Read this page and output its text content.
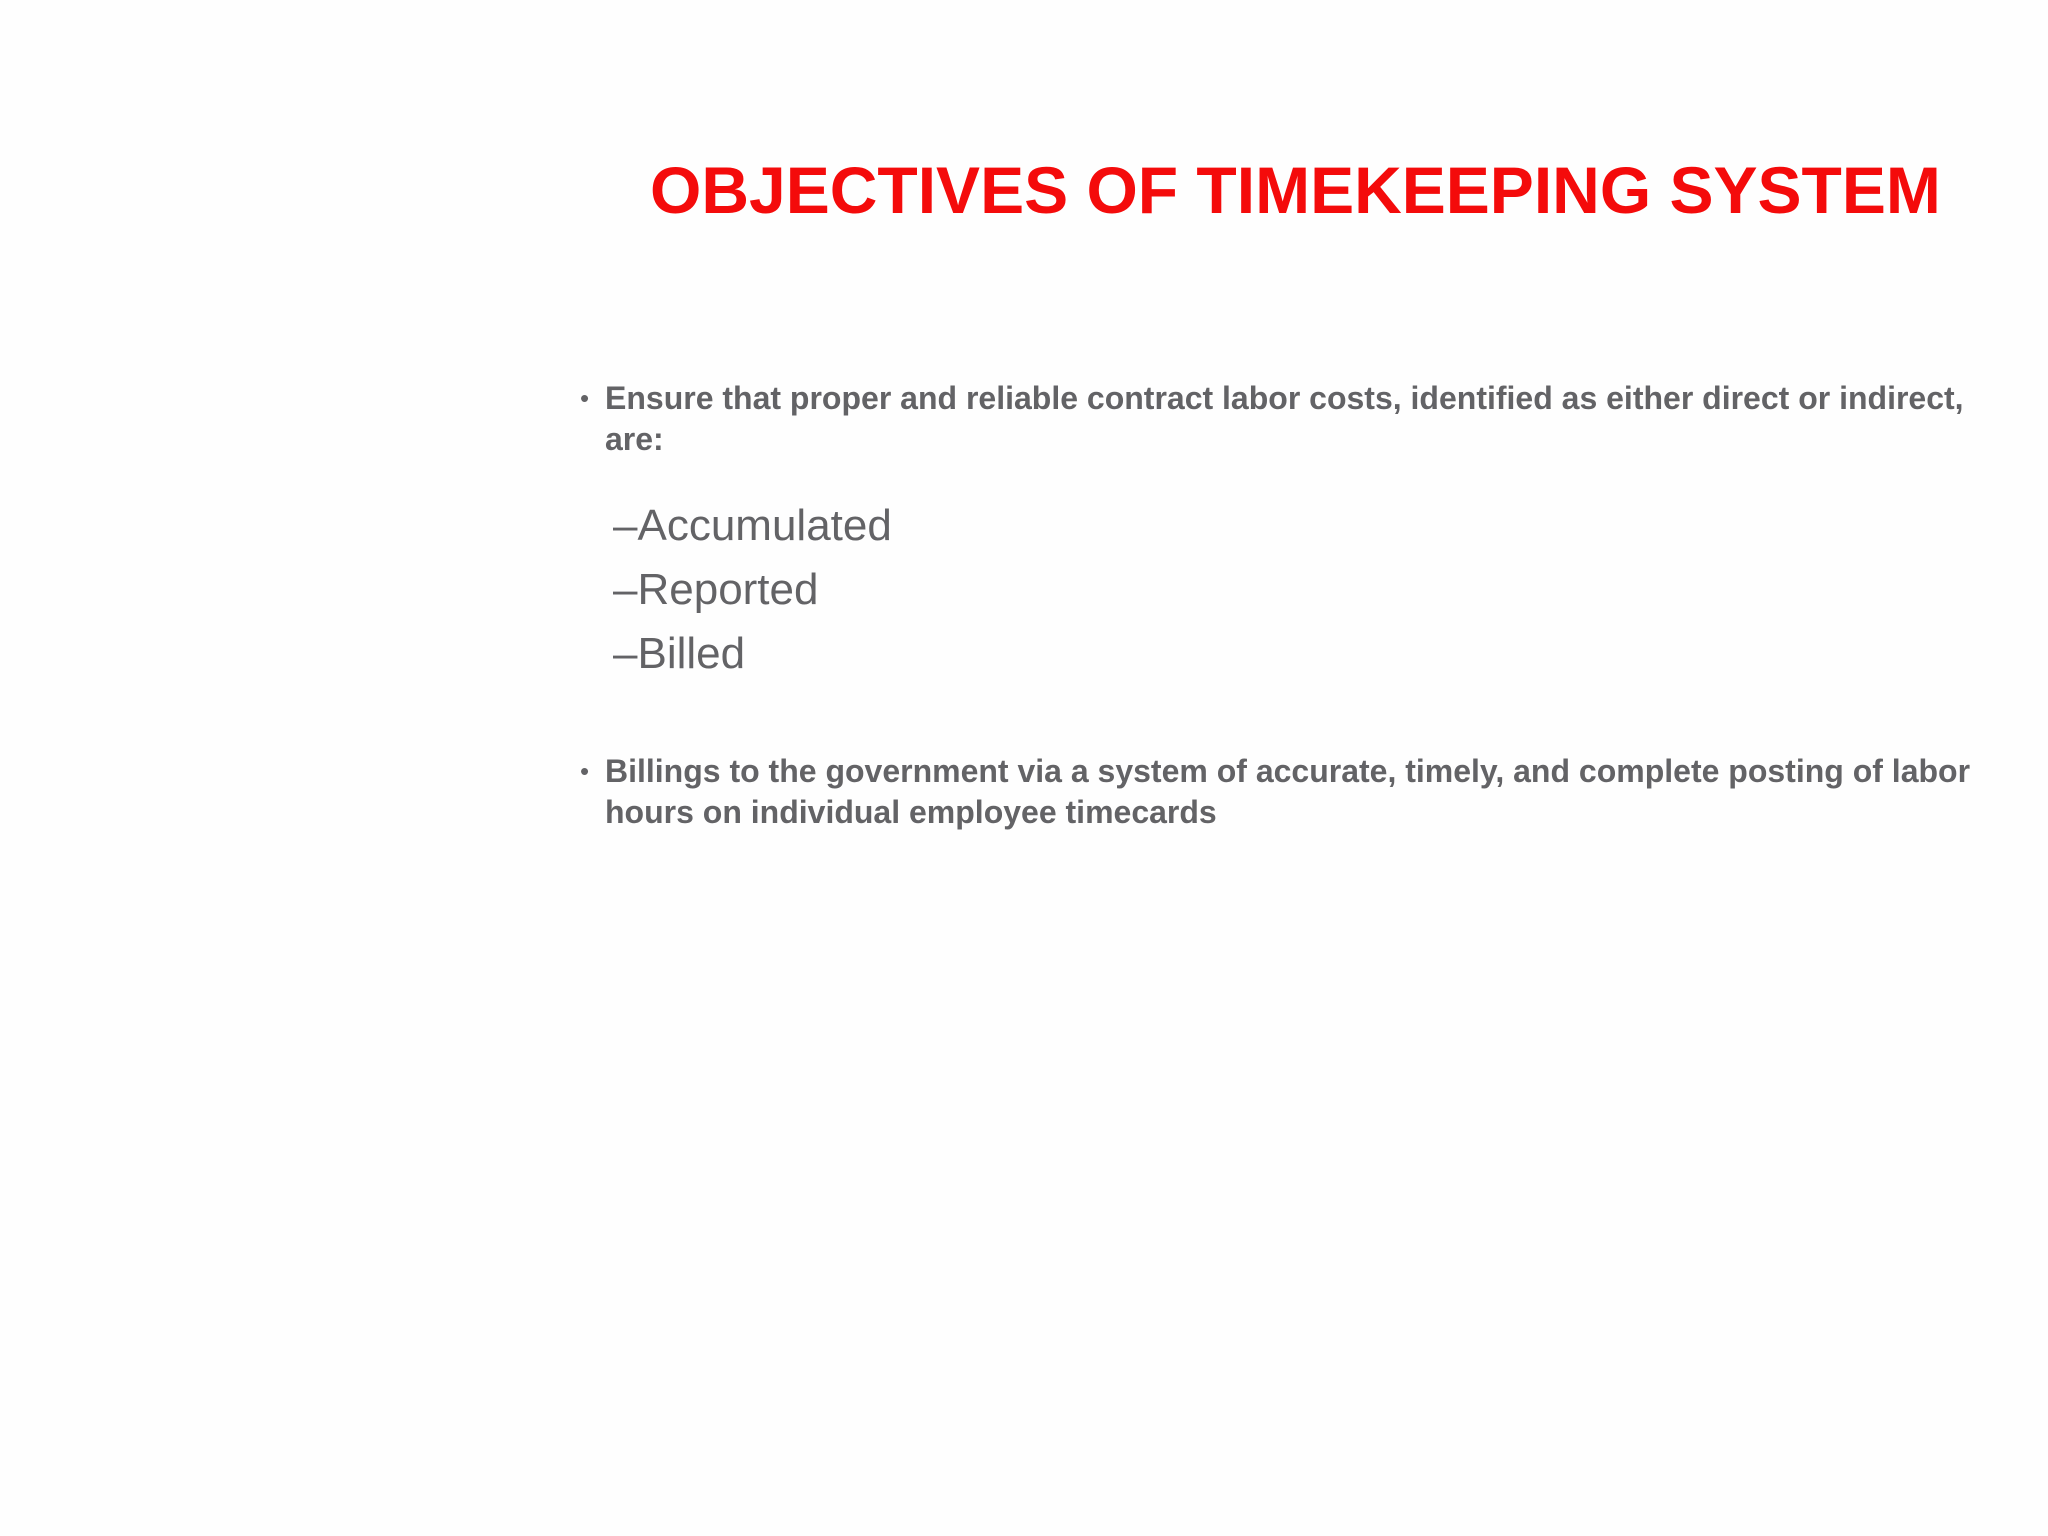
OBJECTIVES OF TIMEKEEPING SYSTEM
• Ensure that proper and reliable contract labor costs, identified as either direct or indirect, are:
–Accumulated
–Reported
–Billed
• Billings to the government via a system of accurate, timely, and complete posting of labor hours on individual employee timecards
